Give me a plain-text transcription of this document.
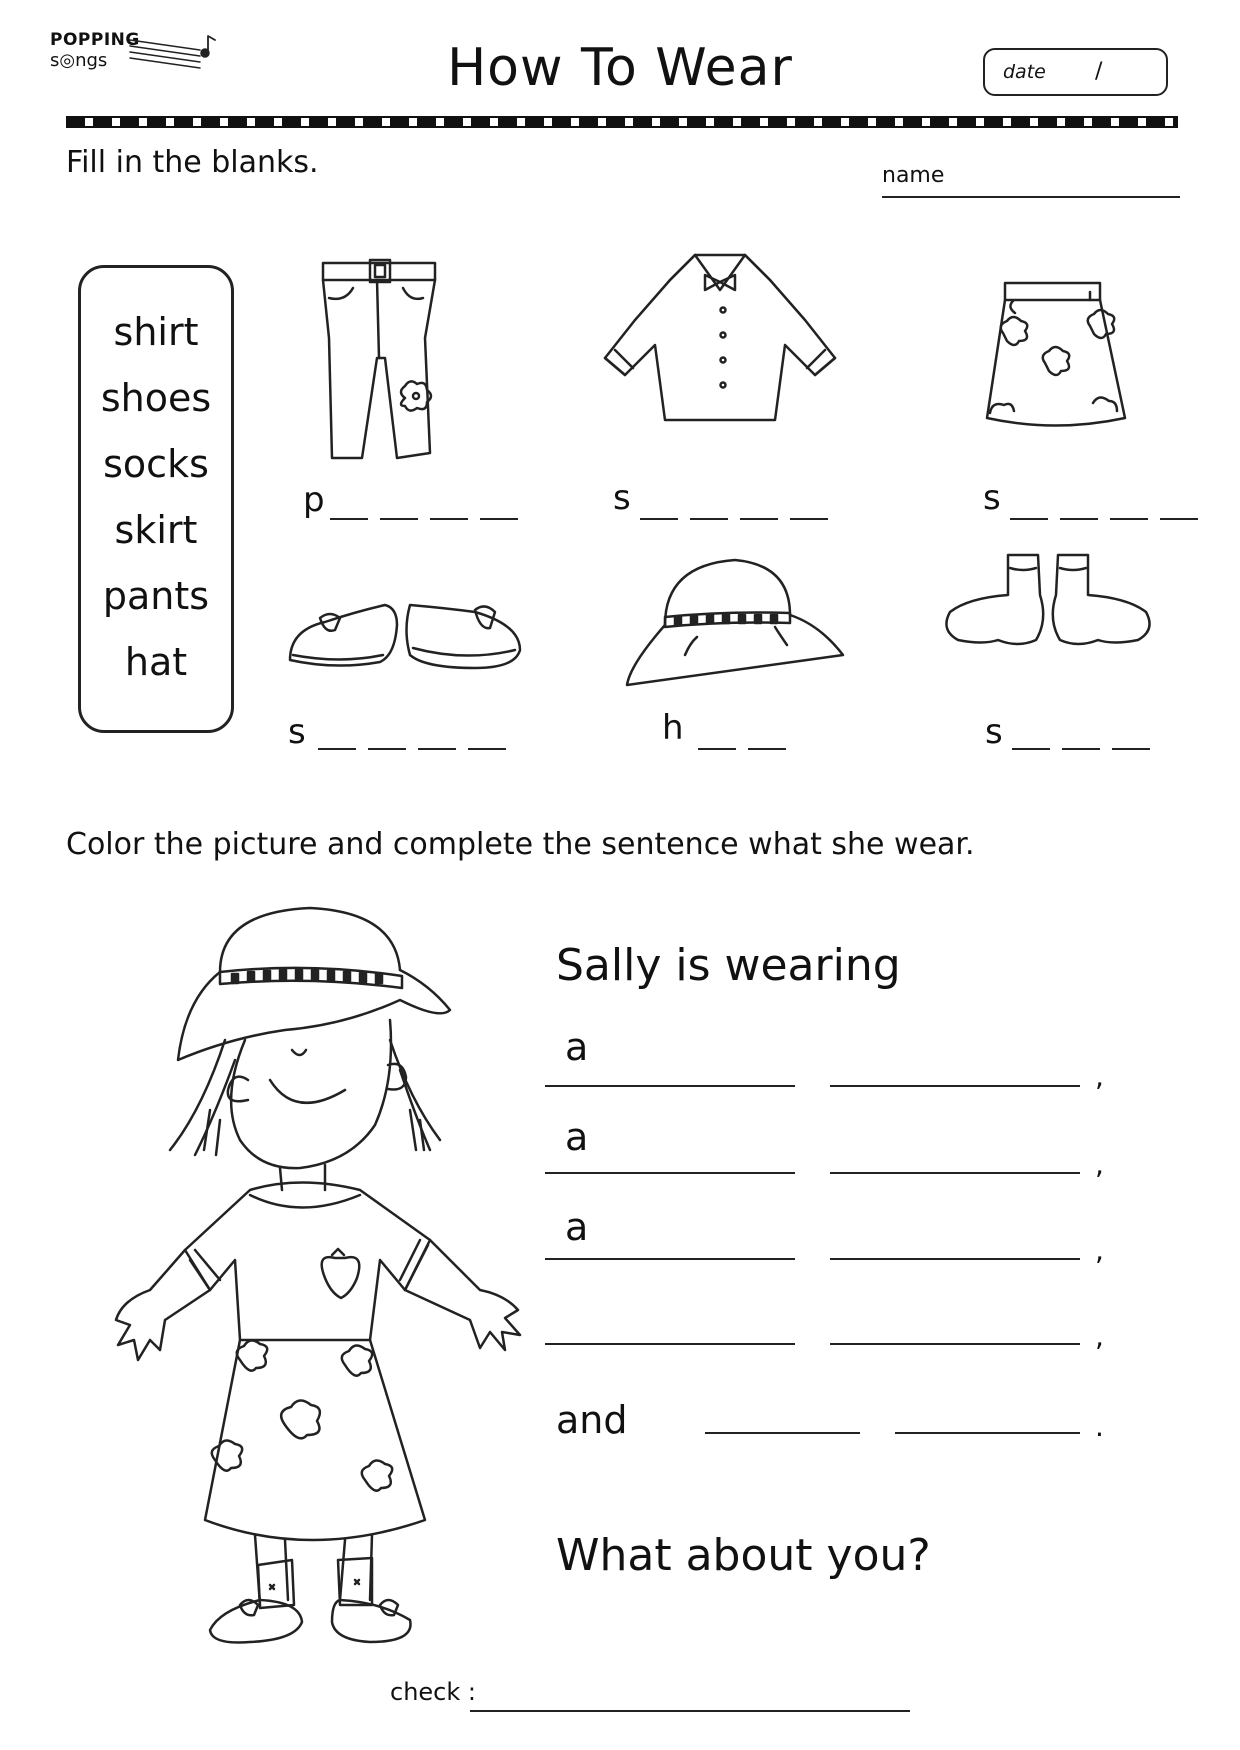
POPPING
s◎ngs	How To Wear	date /
Fill in the blanks.	name
shirt
shoes
socks
skirt
pants
hat
p	s	s
s	h	s
Color the picture and complete the sentence what she wear.
Sally is wearing
a
,
a
,
a
,
,
and	.
What about you?
check :
